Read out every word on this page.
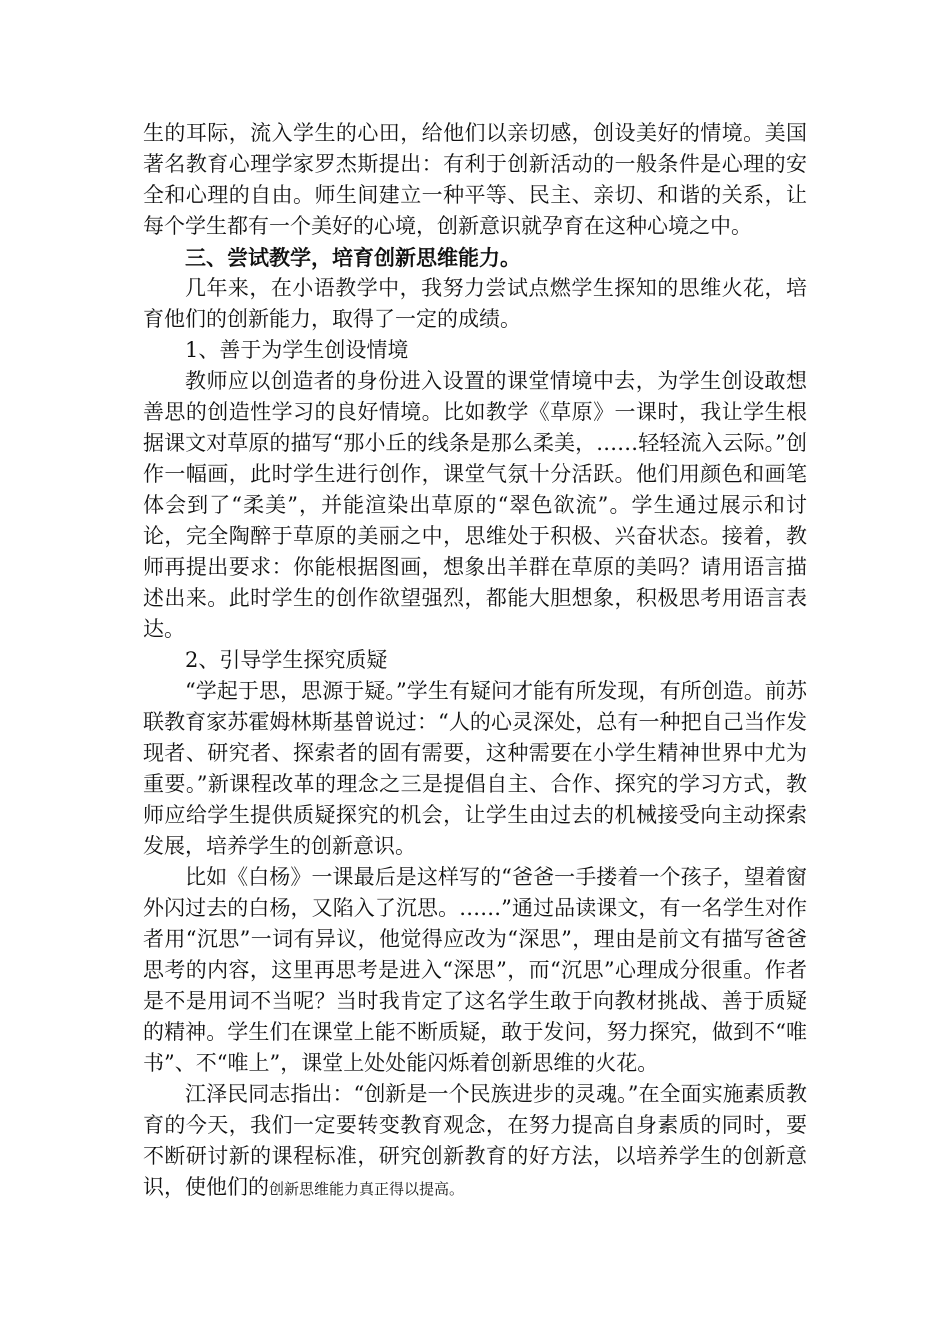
生的耳际，流入学生的心田，给他们以亲切感，创设美好的情境。美国著名教育心理学家罗杰斯提出：有利于创新活动的一般条件是心理的安全和心理的自由。师生间建立一种平等、民主、亲切、和谐的关系，让每个学生都有一个美好的心境，创新意识就孕育在这种心境之中。

三、尝试教学，培育创新思维能力。

几年来，在小语教学中，我努力尝试点燃学生探知的思维火花，培育他们的创新能力，取得了一定的成绩。

1、善于为学生创设情境

教师应以创造者的身份进入设置的课堂情境中去，为学生创设敢想善思的创造性学习的良好情境。比如教学《草原》一课时，我让学生根据课文对草原的描写“那小丘的线条是那么柔美，……轻轻流入云际。”创作一幅画，此时学生进行创作，课堂气氛十分活跃。他们用颜色和画笔体会到了“柔美”，并能渲染出草原的“翠色欲流”。学生通过展示和讨论，完全陶醉于草原的美丽之中，思维处于积极、兴奋状态。接着，教师再提出要求：你能根据图画，想象出羊群在草原的美吗？请用语言描述出来。此时学生的创作欲望强烈，都能大胆想象，积极思考用语言表达。

2、引导学生探究质疑

“学起于思，思源于疑。”学生有疑问才能有所发现，有所创造。前苏联教育家苏霍姆林斯基曾说过：“人的心灵深处，总有一种把自己当作发现者、研究者、探索者的固有需要，这种需要在小学生精神世界中尤为重要。”新课程改革的理念之三是提倡自主、合作、探究的学习方式，教师应给学生提供质疑探究的机会，让学生由过去的机械接受向主动探索发展，培养学生的创新意识。

比如《白杨》一课最后是这样写的“爸爸一手搂着一个孩子，望着窗外闪过去的白杨，又陷入了沉思。……”通过品读课文，有一名学生对作者用“沉思”一词有异议，他觉得应改为“深思”，理由是前文有描写爸爸思考的内容，这里再思考是进入“深思”，而“沉思”心理成分很重。作者是不是用词不当呢？当时我肯定了这名学生敢于向教材挑战、善于质疑的精神。学生们在课堂上能不断质疑，敢于发问，努力探究，做到不“唯书”、不“唯上”，课堂上处处能闪烁着创新思维的火花。

江泽民同志指出：“创新是一个民族进步的灵魂。”在全面实施素质教育的今天，我们一定要转变教育观念，在努力提高自身素质的同时，要不断研讨新的课程标准，研究创新教育的好方法，以培养学生的创新意识，使他们的创新思维能力真正得以提高。
